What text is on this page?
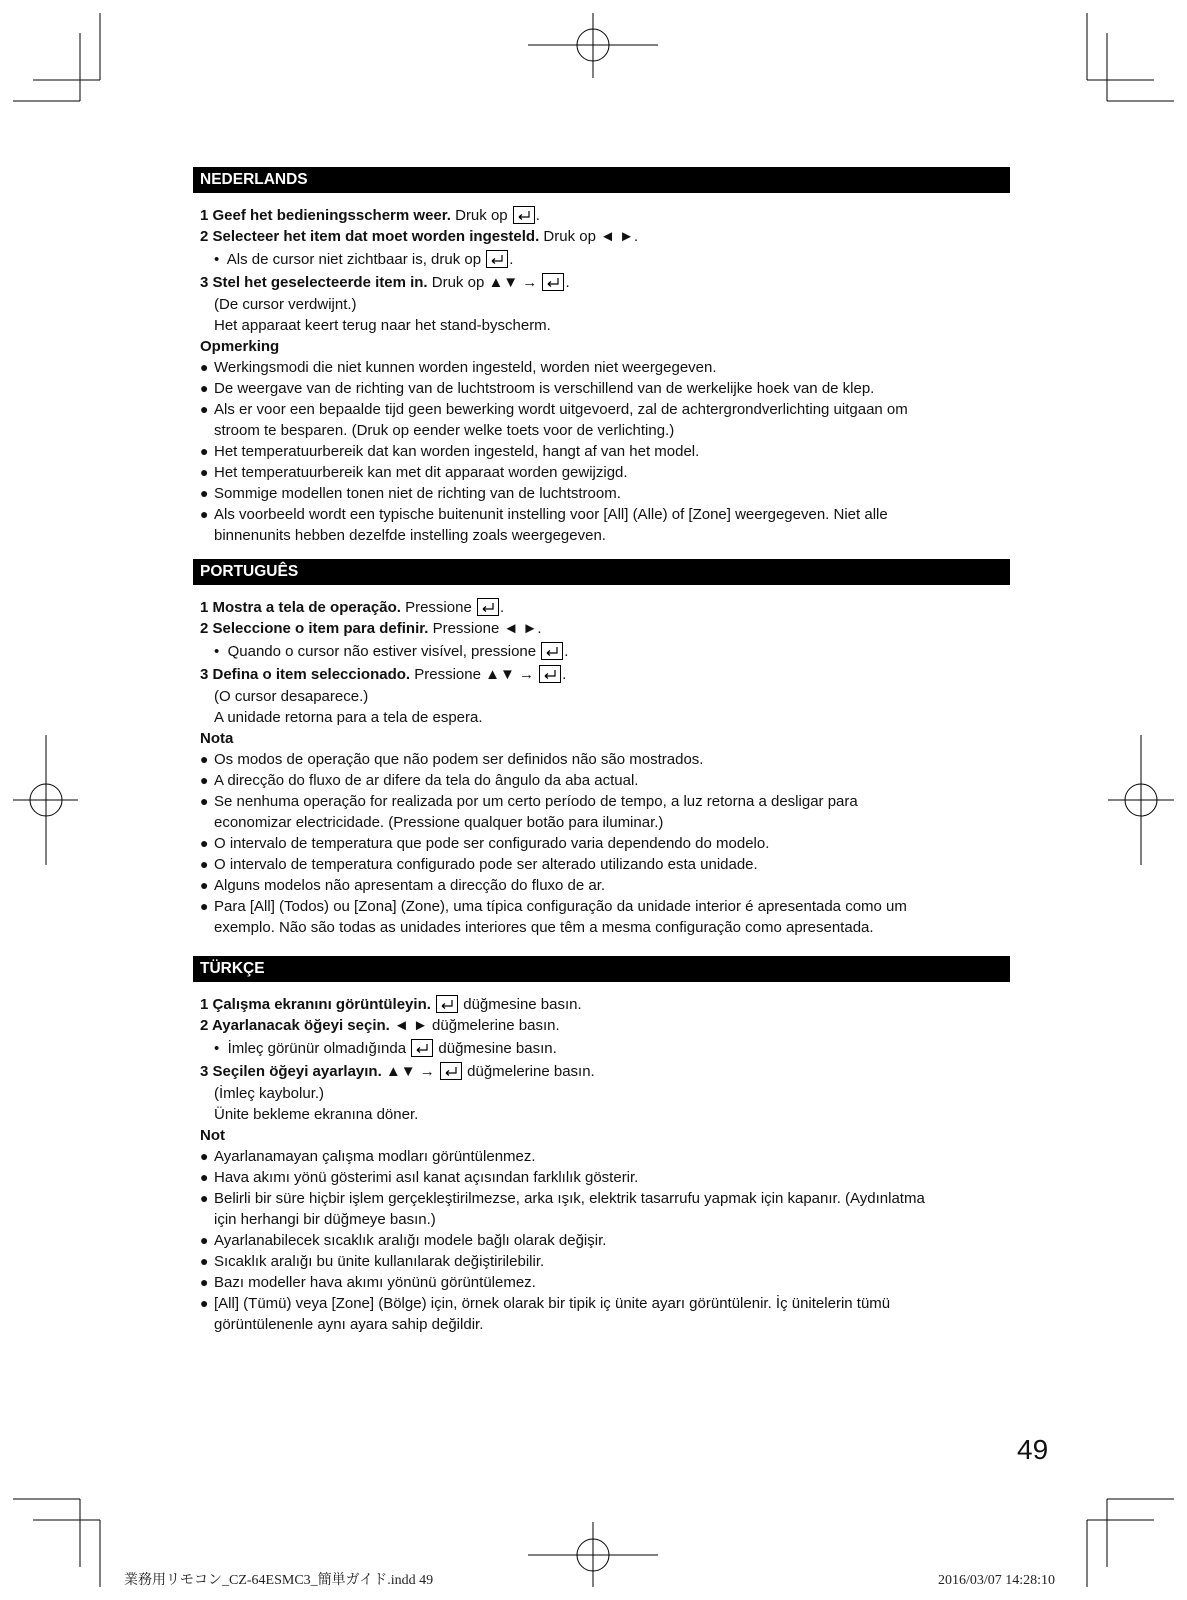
NEDERLANDS
1 Geef het bedieningsscherm weer. Druk op
.
2 Selecteer het item dat moet worden ingesteld. Druk op ◄ ►.
• Als de cursor niet zichtbaar is, druk op
.
3 Stel het geselecteerde item in. Druk op ▲▼ →
.
(De cursor verdwijnt.)
Het apparaat keert terug naar het stand-byscherm.
Opmerking
● Werkingsmodi die niet kunnen worden ingesteld, worden niet weergegeven.
● De weergave van de richting van de luchtstroom is verschillend van de werkelijke hoek van de klep.
● Als er voor een bepaalde tijd geen bewerking wordt uitgevoerd, zal de achtergrondverlichting uitgaan om
stroom te besparen. (Druk op eender welke toets voor de verlichting.)
● Het temperatuurbereik dat kan worden ingesteld, hangt af van het model.
● Het temperatuurbereik kan met dit apparaat worden gewijzigd.
● Sommige modellen tonen niet de richting van de luchtstroom.
● Als voorbeeld wordt een typische buitenunit instelling voor [All] (Alle) of [Zone] weergegeven. Niet alle
binnenunits hebben dezelfde instelling zoals weergegeven.
PORTUGUÊS
1 Mostra a tela de operação. Pressione
.
2 Seleccione o item para definir. Pressione ◄ ►.
• Quando o cursor não estiver visível, pressione
.
3 Defina o item seleccionado. Pressione ▲▼ →
.
(O cursor desaparece.)
A unidade retorna para a tela de espera.
Nota
● Os modos de operação que não podem ser definidos não são mostrados.
● A direcção do fluxo de ar difere da tela do ângulo da aba actual.
● Se nenhuma operação for realizada por um certo período de tempo, a luz retorna a desligar para
economizar electricidade. (Pressione qualquer botão para iluminar.)
● O intervalo de temperatura que pode ser configurado varia dependendo do modelo.
● O intervalo de temperatura configurado pode ser alterado utilizando esta unidade.
● Alguns modelos não apresentam a direcção do fluxo de ar.
● Para [All] (Todos) ou [Zona] (Zone), uma típica configuração da unidade interior é apresentada como um
exemplo. Não são todas as unidades interiores que têm a mesma configuração como apresentada.
TÜRKÇE
1 Çalışma ekranını görüntüleyin.
düğmesine basın.
2 Ayarlanacak öğeyi seçin. ◄ ► düğmelerine basın.
• İmleç görünür olmadığında
düğmesine basın.
3 Seçilen öğeyi ayarlayın. ▲▼ →
düğmelerine basın.
(İmleç kaybolur.)
Ünite bekleme ekranına döner.
Not
● Ayarlanamayan çalışma modları görüntülenmez.
● Hava akımı yönü gösterimi asıl kanat açısından farklılık gösterir.
● Belirli bir süre hiçbir işlem gerçekleştirilmezse, arka ışık, elektrik tasarrufu yapmak için kapanır. (Aydınlatma
için herhangi bir düğmeye basın.)
● Ayarlanabilecek sıcaklık aralığı modele bağlı olarak değişir.
● Sıcaklık aralığı bu ünite kullanılarak değiştirilebilir.
● Bazı modeller hava akımı yönünü görüntülemez.
● [All] (Tümü) veya [Zone] (Bölge) için, örnek olarak bir tipik iç ünite ayarı görüntülenir. İç ünitelerin tümü
görüntülenenle aynı ayara sahip değildir.
49
業務用リモコン_CZ-64ESMC3_簡単ガイド.indd 49	2016/03/07 14:28:10
